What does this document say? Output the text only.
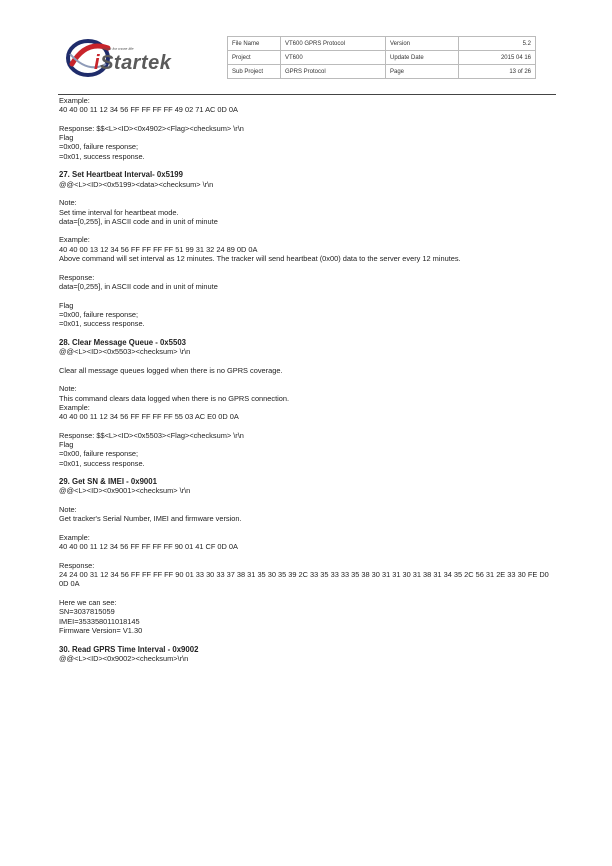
Work for more life
iStartek
File Name	VT600 GPRS Protocol	Version	5.2
Project	VT600	Update Date	2015 04 16
Sub Project	GPRS Protocol	Page	13 of 26
Example:
40 40 00 11 12 34 56 FF FF FF FF 49 02 71 AC 0D 0A
Response: $$<L><ID><0x4902><Flag><checksum> \r\n
Flag
=0x00, failure response;
=0x01, success response.
27. Set Heartbeat Interval- 0x5199
@@<L><ID><0x5199><data><checksum> \r\n
Note:
Set time interval for heartbeat mode.
data=[0,255], in ASCII code and in unit of minute
Example:
40 40 00 13 12 34 56 FF FF FF FF 51 99 31 32 24 89 0D 0A
Above command will set interval as 12 minutes. The tracker will send heartbeat (0x00) data to the server every 12 minutes.
Response:
data=[0,255], in ASCII code and in unit of minute
Flag
=0x00, failure response;
=0x01, success response.
28. Clear Message Queue - 0x5503
@@<L><ID><0x5503><checksum> \r\n
Clear all message queues logged when there is no GPRS coverage.
Note:
This command clears data logged when there is no GPRS connection.
Example:
40 40 00 11 12 34 56 FF FF FF FF 55 03 AC E0 0D 0A
Response: $$<L><ID><0x5503><Flag><checksum> \r\n
Flag
=0x00, failure response;
=0x01, success response.
29. Get SN & IMEI - 0x9001
@@<L><ID><0x9001><checksum> \r\n
Note:
Get tracker's Serial Number, IMEI and firmware version.
Example:
40 40 00 11 12 34 56 FF FF FF FF 90 01 41 CF 0D 0A
Response:
24 24 00 31 12 34 56 FF FF FF FF 90 01 33 30 33 37 38 31 35 30 35 39 2C 33 35 33 33 35 38 30 31 31 30 31 38 31 34 35 2C 56 31 2E 33 30 FE D0 0D 0A
Here we can see:
SN=3037815059
IMEI=353358011018145
Firmware Version= V1.30
30. Read GPRS Time Interval - 0x9002
@@<L><ID><0x9002><checksum>\r\n
